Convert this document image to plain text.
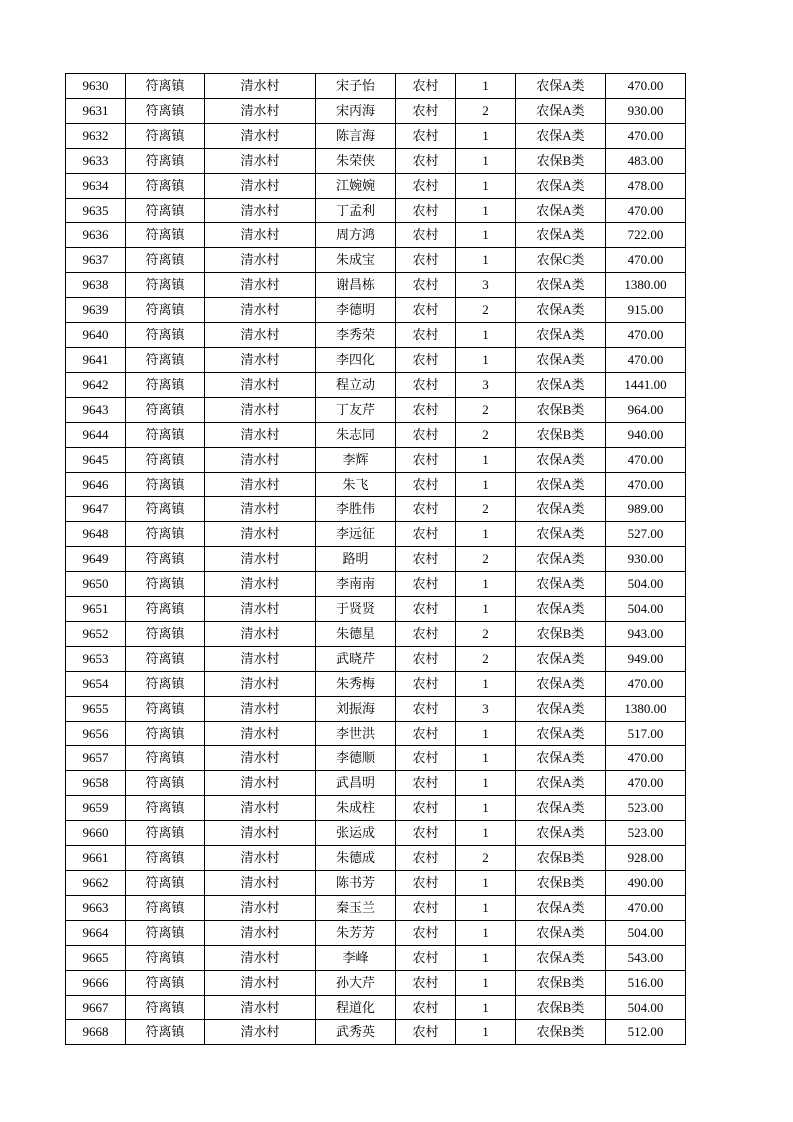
9630	符离镇	清水村	宋子怡	农村	1	农保A类	470.00
9631	符离镇	清水村	宋丙海	农村	2	农保A类	930.00
9632	符离镇	清水村	陈言海	农村	1	农保A类	470.00
9633	符离镇	清水村	朱荣侠	农村	1	农保B类	483.00
9634	符离镇	清水村	江婉婉	农村	1	农保A类	478.00
9635	符离镇	清水村	丁孟利	农村	1	农保A类	470.00
9636	符离镇	清水村	周方鸿	农村	1	农保A类	722.00
9637	符离镇	清水村	朱成宝	农村	1	农保C类	470.00
9638	符离镇	清水村	谢昌栋	农村	3	农保A类	1380.00
9639	符离镇	清水村	李德明	农村	2	农保A类	915.00
9640	符离镇	清水村	李秀荣	农村	1	农保A类	470.00
9641	符离镇	清水村	李四化	农村	1	农保A类	470.00
9642	符离镇	清水村	程立动	农村	3	农保A类	1441.00
9643	符离镇	清水村	丁友芹	农村	2	农保B类	964.00
9644	符离镇	清水村	朱志同	农村	2	农保B类	940.00
9645	符离镇	清水村	李辉	农村	1	农保A类	470.00
9646	符离镇	清水村	朱飞	农村	1	农保A类	470.00
9647	符离镇	清水村	李胜伟	农村	2	农保A类	989.00
9648	符离镇	清水村	李远征	农村	1	农保A类	527.00
9649	符离镇	清水村	路明	农村	2	农保A类	930.00
9650	符离镇	清水村	李南南	农村	1	农保A类	504.00
9651	符离镇	清水村	于贤贤	农村	1	农保A类	504.00
9652	符离镇	清水村	朱德星	农村	2	农保B类	943.00
9653	符离镇	清水村	武晓芹	农村	2	农保A类	949.00
9654	符离镇	清水村	朱秀梅	农村	1	农保A类	470.00
9655	符离镇	清水村	刘振海	农村	3	农保A类	1380.00
9656	符离镇	清水村	李世洪	农村	1	农保A类	517.00
9657	符离镇	清水村	李德顺	农村	1	农保A类	470.00
9658	符离镇	清水村	武昌明	农村	1	农保A类	470.00
9659	符离镇	清水村	朱成柱	农村	1	农保A类	523.00
9660	符离镇	清水村	张运成	农村	1	农保A类	523.00
9661	符离镇	清水村	朱德成	农村	2	农保B类	928.00
9662	符离镇	清水村	陈书芳	农村	1	农保B类	490.00
9663	符离镇	清水村	秦玉兰	农村	1	农保A类	470.00
9664	符离镇	清水村	朱芳芳	农村	1	农保A类	504.00
9665	符离镇	清水村	李峰	农村	1	农保A类	543.00
9666	符离镇	清水村	孙大芹	农村	1	农保B类	516.00
9667	符离镇	清水村	程道化	农村	1	农保B类	504.00
9668	符离镇	清水村	武秀英	农村	1	农保B类	512.00
